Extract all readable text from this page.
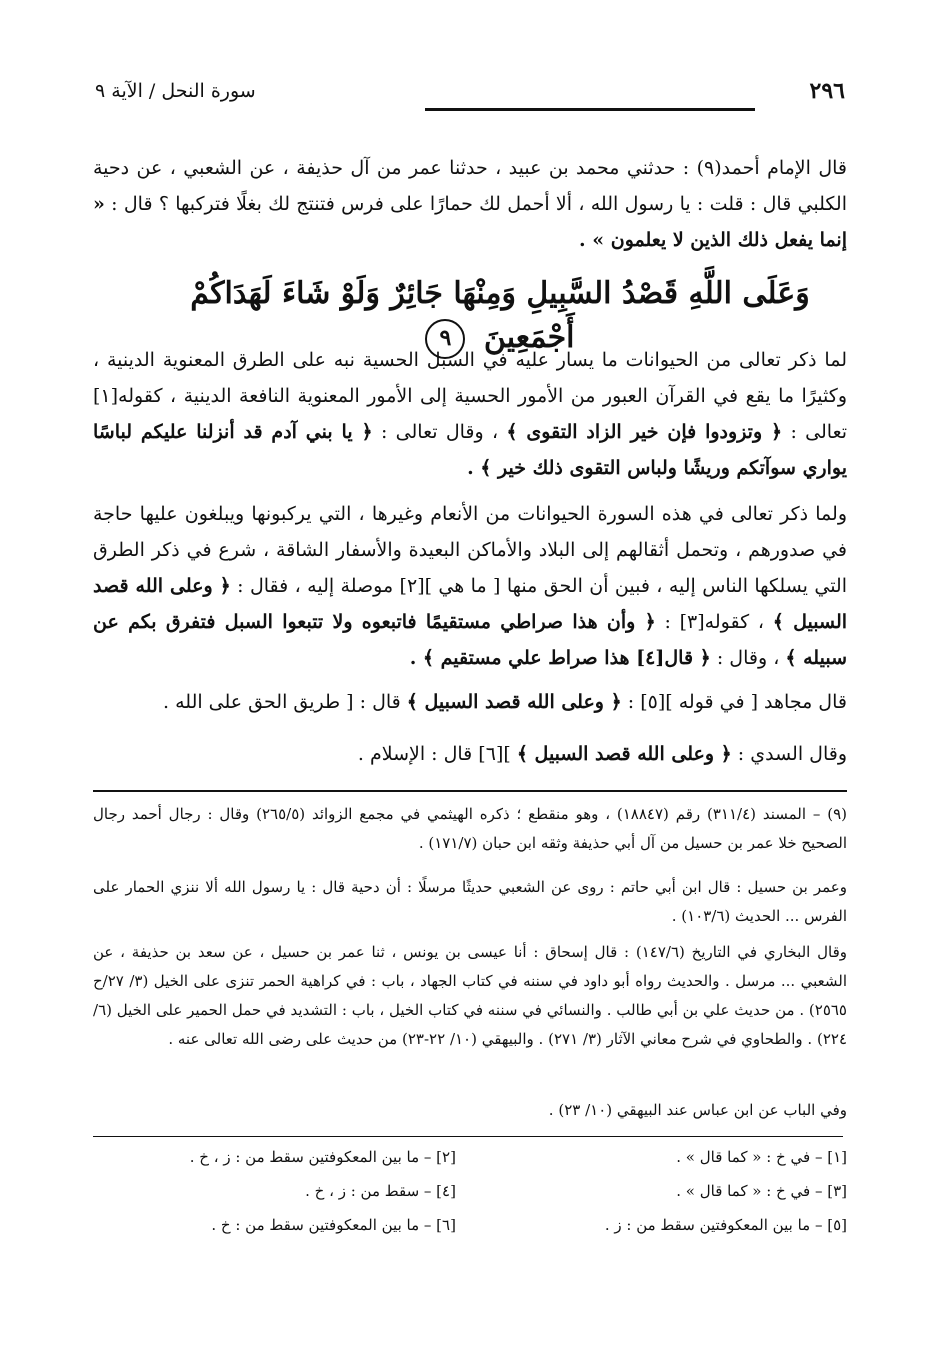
٢٩٦
سورة النحل / الآية ٩
قال الإمام أحمد(٩) : حدثني محمد بن عبيد ، حدثنا عمر من آل حذيفة ، عن الشعبي ، عن دحية الكلبي قال : قلت : يا رسول الله ، ألا أحمل لك حمارًا على فرس فتنتج لك بغلًا فتركبها ؟ قال : « إنما يفعل ذلك الذين لا يعلمون » .
وَعَلَى اللَّهِ قَصْدُ السَّبِيلِ وَمِنْهَا جَائِرٌ وَلَوْ شَاءَ لَهَدَاكُمْ أَجْمَعِينَ ٩
لما ذكر تعالى من الحيوانات ما يسار عليه في السبل الحسية نبه على الطرق المعنوية الدينية ، وكثيرًا ما يقع في القرآن العبور من الأمور الحسية إلى الأمور المعنوية النافعة الدينية ، كقوله[١] تعالى : ﴿ وتزودوا فإن خير الزاد التقوى ﴾ ، وقال تعالى : ﴿ يا بني آدم قد أنزلنا عليكم لباسًا يواري سوآتكم وريشًا ولباس التقوى ذلك خير ﴾ .
ولما ذكر تعالى في هذه السورة الحيوانات من الأنعام وغيرها ، التي يركبونها ويبلغون عليها حاجة في صدورهم ، وتحمل أثقالهم إلى البلاد والأماكن البعيدة والأسفار الشاقة ، شرع في ذكر الطرق التي يسلكها الناس إليه ، فبين أن الحق منها [ ما هي ][٢] موصلة إليه ، فقال : ﴿ وعلى الله قصد السبيل ﴾ ، كقوله[٣] : ﴿ وأن هذا صراطي مستقيمًا فاتبعوه ولا تتبعوا السبل فتفرق بكم عن سبيله ﴾ ، وقال : ﴿ قال[٤] هذا صراط علي مستقيم ﴾ .
قال مجاهد [ في قوله ][٥] : ﴿ وعلى الله قصد السبيل ﴾ قال : [ طريق الحق على الله .
وقال السدي : ﴿ وعلى الله قصد السبيل ﴾ ][٦] قال : الإسلام .
(٩) – المسند (٣١١/٤) رقم (١٨٨٤٧) ، وهو منقطع ؛ ذكره الهيثمي في مجمع الزوائد (٢٦٥/٥) وقال : رجال أحمد رجال الصحيح خلا عمر بن حسيل من آل أبي حذيفة وثقه ابن حبان (١٧١/٧) .
وعمر بن حسيل : قال ابن أبي حاتم : روى عن الشعبي حديثًا مرسلًا : أن دحية قال : يا رسول الله ألا ننزي الحمار على الفرس ... الحديث (١٠٣/٦) .
وقال البخاري في التاريخ (١٤٧/٦) : قال إسحاق : أنا عيسى بن يونس ، ثنا عمر بن حسيل ، عن سعد بن حذيفة ، عن الشعبي ... مرسل . والحديث رواه أبو داود في سننه في كتاب الجهاد ، باب : في كراهية الحمر تنزى على الخيل (٣/ ٢٧/ح ٢٥٦٥) . من حديث علي بن أبي طالب . والنسائي في سننه في كتاب الخيل ، باب : التشديد في حمل الحمير على الخيل (٦/ ٢٢٤) . والطحاوي في شرح معاني الآثار (٣/ ٢٧١) . والبيهقي (١٠/ ٢٢-٢٣) من حديث على رضى الله تعالى عنه .
وفي الباب عن ابن عباس عند البيهقي (١٠/ ٢٣) .
[١] – في خ : « كما قال » .
[٢] – ما بين المعكوفتين سقط من : ز ، خ .
[٣] – في خ : « كما قال » .
[٤] – سقط من : ز ، خ .
[٥] – ما بين المعكوفتين سقط من : ز .
[٦] – ما بين المعكوفتين سقط من : خ .
